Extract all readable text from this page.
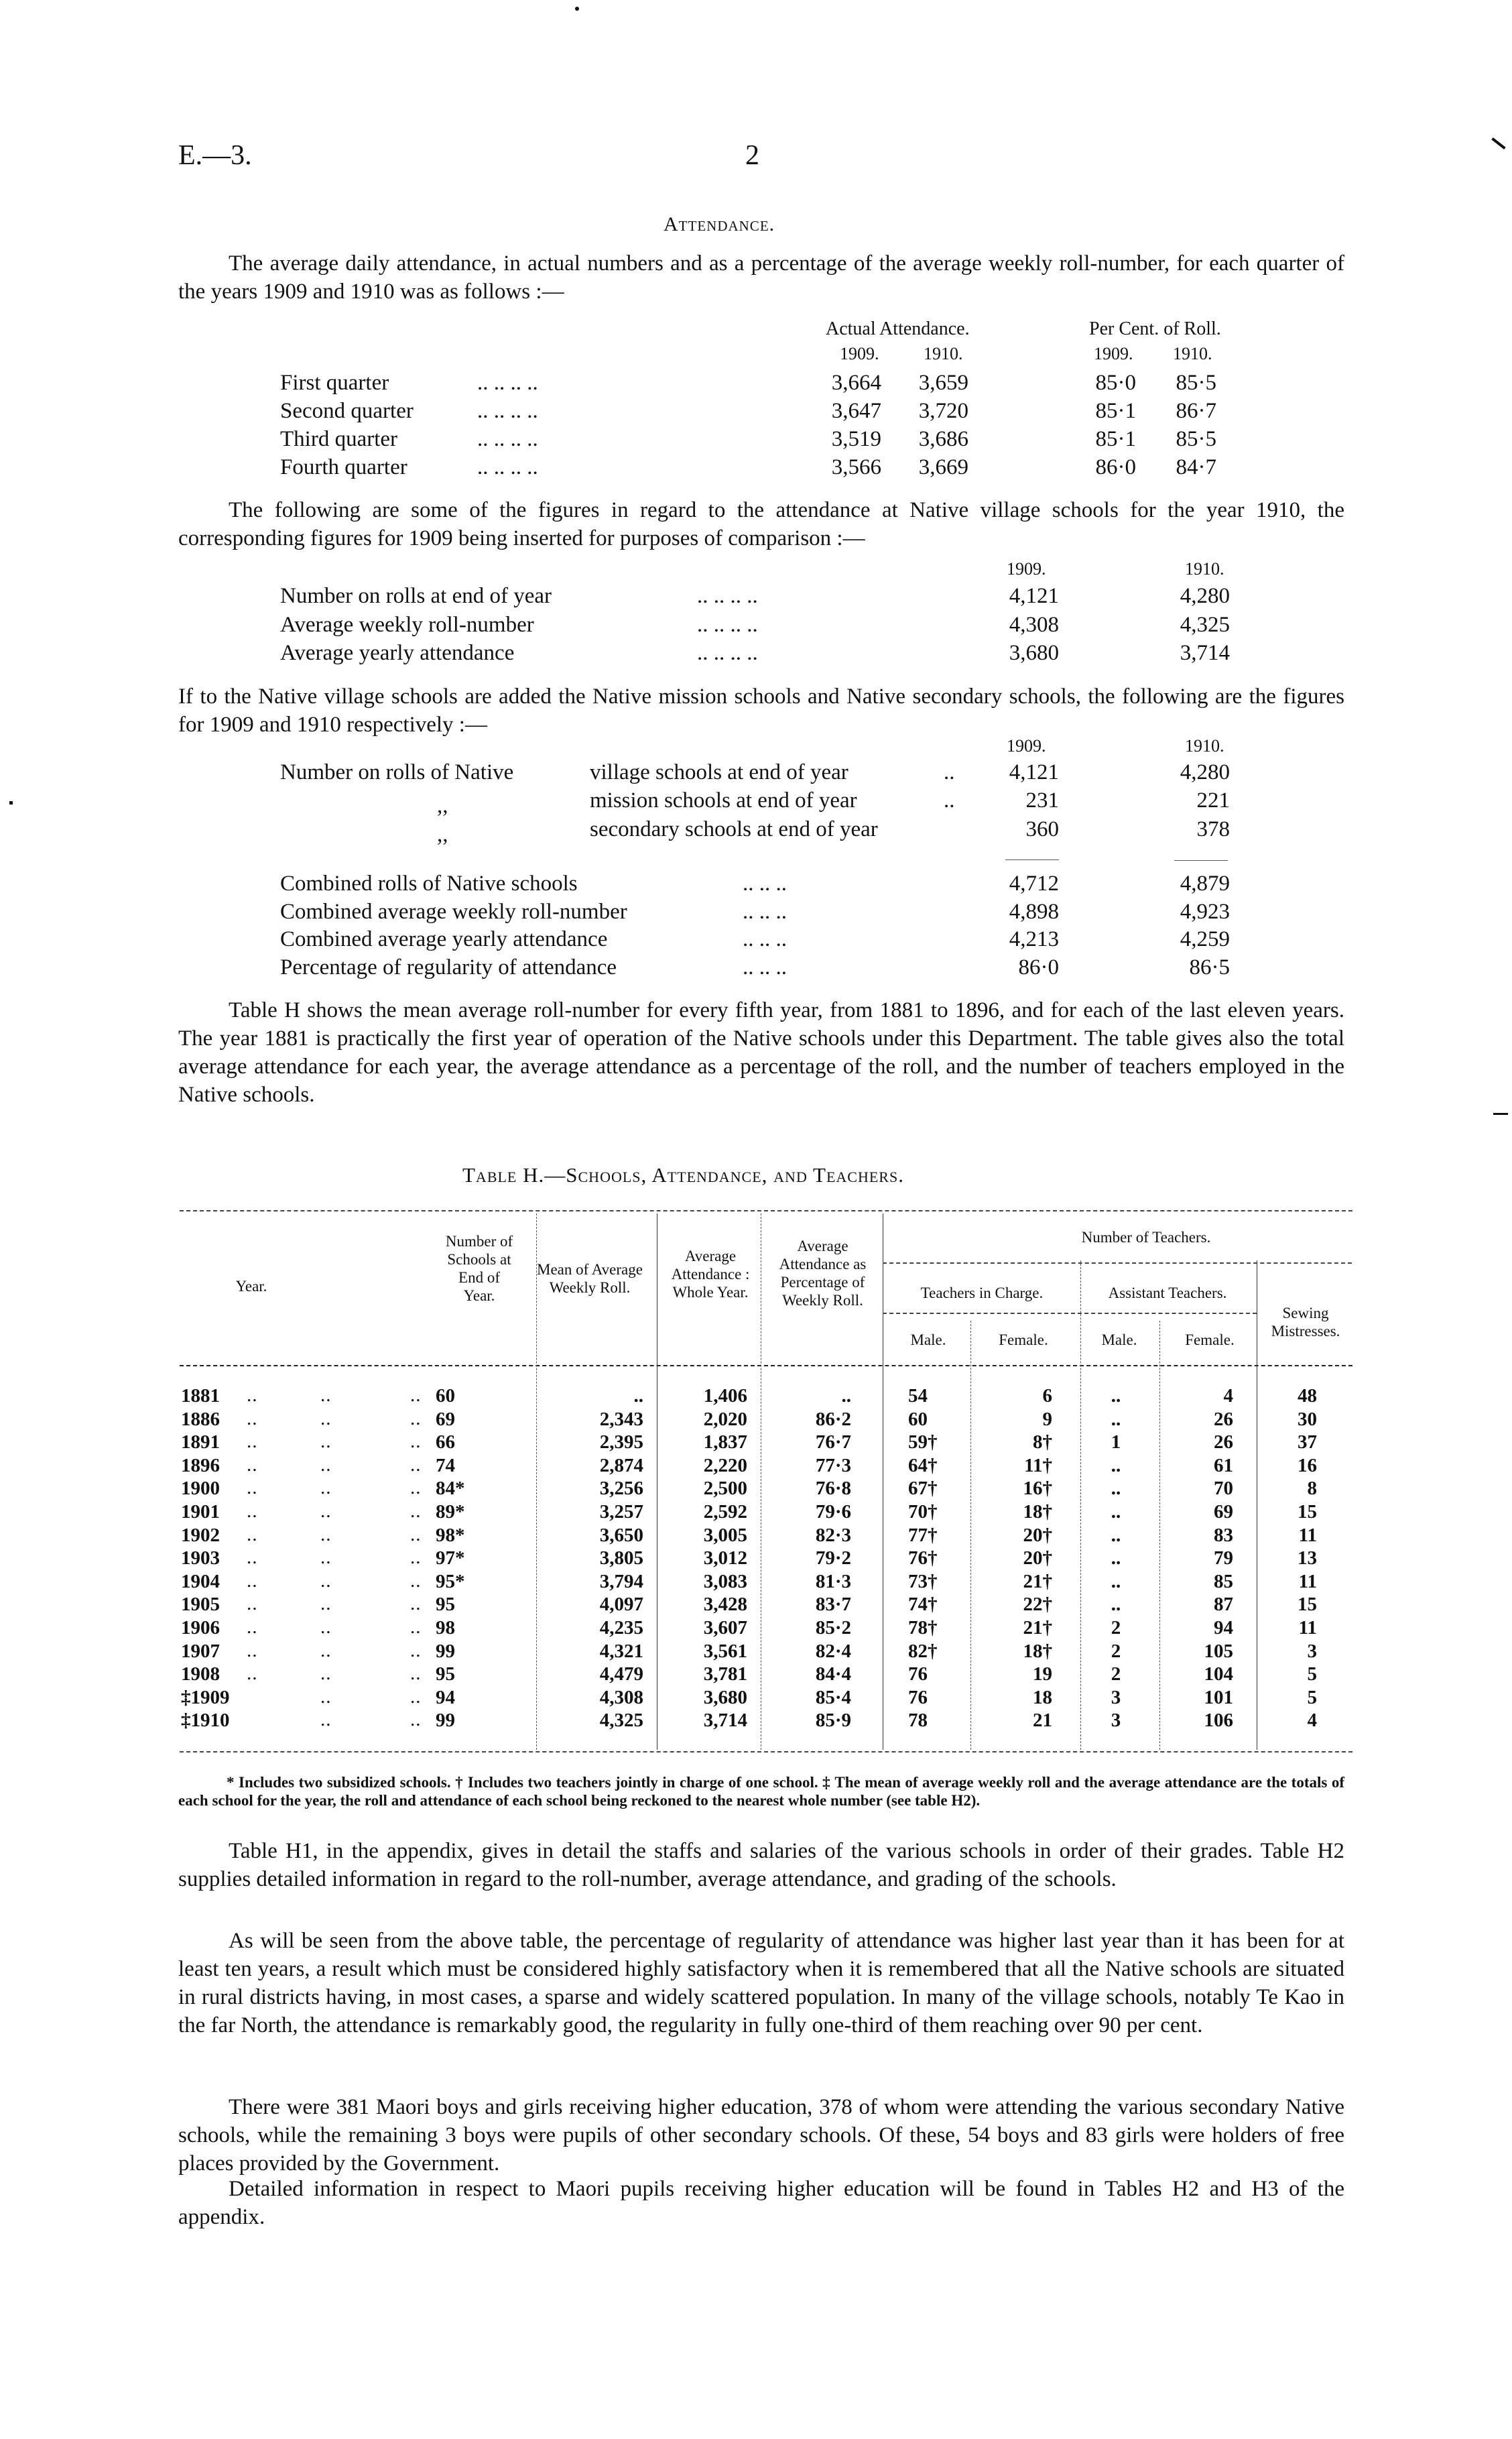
E.—3.	2
Attendance.
The average daily attendance, in actual numbers and as a percentage of the average weekly roll-number, for each quarter of the years 1909 and 1910 was as follows :—
Actual Attendance.	Per Cent. of Roll.
1909.	1910.	1909. 1910.
First quarter	.. .. .. ..	3,664	3,659	85·0	85·5
Second quarter	.. .. .. ..	3,647	3,720	85·1	86·7
Third quarter	.. .. .. ..	3,519	3,686	85·1	85·5
Fourth quarter	.. .. .. ..	3,566	3,669	86·0	84·7
The following are some of the figures in regard to the attendance at Native village schools for the year 1910, the corresponding figures for 1909 being inserted for purposes of comparison :—
1909.	1910.
Number on rolls at end of year	.. .. .. ..	4,121	4,280
Average weekly roll-number	.. .. .. ..	4,308	4,325
Average yearly attendance	.. .. .. ..	3,680	3,714
If to the Native village schools are added the Native mission schools and Native secondary schools, the following are the figures for 1909 and 1910 respectively :—
1909.	1910.
Number on rolls of Native	village schools at end of year	..	4,121	4,280
,,	mission schools at end of year	..	231	221
,,	secondary schools at end of year	360	378
Combined rolls of Native schools	.. .. ..	4,712	4,879
Combined average weekly roll-number	.. .. ..	4,898	4,923
Combined average yearly attendance	.. .. ..	4,213	4,259
Percentage of regularity of attendance	.. .. ..	86·0	86·5
Table H shows the mean average roll-number for every fifth year, from 1881 to 1896, and for each of the last eleven years. The year 1881 is practically the first year of operation of the Native schools under this Department. The table gives also the total average attendance for each year, the average attendance as a percentage of the roll, and the number of teachers employed in the Native schools.
Table H.—Schools, Attendance, and Teachers.
Year.
Number of Schools at End of Year.
Mean of Average Weekly Roll.
Average Attendance : Whole Year.
Average Attendance as Percentage of Weekly Roll.
Number of Teachers.
Teachers in Charge.	Assistant Teachers.
Male.	Female.	Male.	Female.
Sewing Mistresses.
1881 ..	..	.. 60	..	1,406	..	54	6	..	4	48
1886 ..	..	.. 69	2,343	2,020	86·2	60	9	..	26	30
1891 ..	..	.. 66	2,395	1,837	76·7	59†	8†	1	26	37
1896 ..	..	.. 74	2,874	2,220	77·3	64†	11†	..	61	16
1900 ..	..	.. 84*	3,256	2,500	76·8	67†	16†	..	70	8
1901 ..	..	.. 89*	3,257	2,592	79·6	70†	18†	..	69	15
1902 ..	..	.. 98*	3,650	3,005	82·3	77†	20†	..	83	11
1903 ..	..	.. 97*	3,805	3,012	79·2	76†	20†	..	79	13
1904 ..	..	.. 95*	3,794	3,083	81·3	73†	21†	..	85	11
1905 ..	..	.. 95	4,097	3,428	83·7	74†	22†	..	87	15
1906 ..	..	.. 98	4,235	3,607	85·2	78†	21†	2	94	11
1907 ..	..	.. 99	4,321	3,561	82·4	82†	18†	2	105	3
1908 ..	..	.. 95	4,479	3,781	84·4	76	19	2	104	5
‡1909	..	.. 94	4,308	3,680	85·4	76	18	3	101	5
‡1910	..	.. 99	4,325	3,714	85·9	78	21	3	106	4
* Includes two subsidized schools. † Includes two teachers jointly in charge of one school. ‡ The mean of average weekly roll and the average attendance are the totals of each school for the year, the roll and attendance of each school being reckoned to the nearest whole number (see table H2).
Table H1, in the appendix, gives in detail the staffs and salaries of the various schools in order of their grades. Table H2 supplies detailed information in regard to the roll-number, average attendance, and grading of the schools.
As will be seen from the above table, the percentage of regularity of attendance was higher last year than it has been for at least ten years, a result which must be considered highly satisfactory when it is remembered that all the Native schools are situated in rural districts having, in most cases, a sparse and widely scattered population. In many of the village schools, notably Te Kao in the far North, the attendance is remarkably good, the regularity in fully one-third of them reaching over 90 per cent.
There were 381 Maori boys and girls receiving higher education, 378 of whom were attending the various secondary Native schools, while the remaining 3 boys were pupils of other secondary schools. Of these, 54 boys and 83 girls were holders of free places provided by the Government.
Detailed information in respect to Maori pupils receiving higher education will be found in Tables H2 and H3 of the appendix.
